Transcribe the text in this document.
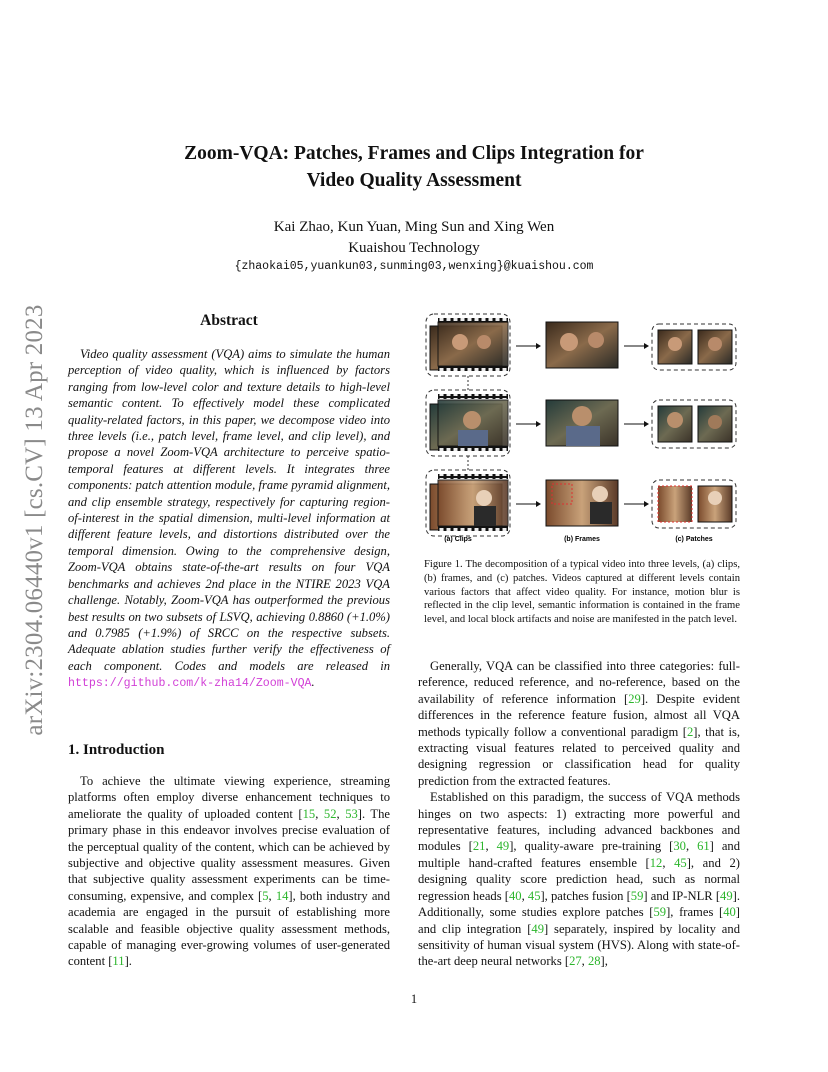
arXiv:2304.06440v1 [cs.CV] 13 Apr 2023
Zoom-VQA: Patches, Frames and Clips Integration for
Video Quality Assessment
Kai Zhao, Kun Yuan, Ming Sun and Xing Wen
Kuaishou Technology
{zhaokai05,yuankun03,sunming03,wenxing}@kuaishou.com
Abstract
Video quality assessment (VQA) aims to simulate the human perception of video quality, which is influenced by factors ranging from low-level color and texture details to high-level semantic content. To effectively model these complicated quality-related factors, in this paper, we decompose video into three levels (i.e., patch level, frame level, and clip level), and propose a novel Zoom-VQA architecture to perceive spatio-temporal features at different levels. It integrates three components: patch attention module, frame pyramid alignment, and clip ensemble strategy, respectively for capturing region-of-interest in the spatial dimension, multi-level information at different feature levels, and distortions distributed over the temporal dimension. Owing to the comprehensive design, Zoom-VQA obtains state-of-the-art results on four VQA benchmarks and achieves 2nd place in the NTIRE 2023 VQA challenge. Notably, Zoom-VQA has outperformed the previous best results on two subsets of LSVQ, achieving 0.8860 (+1.0%) and 0.7985 (+1.9%) of SRCC on the respective subsets. Adequate ablation studies further verify the effectiveness of each component. Codes and models are released in https://github.com/k-zha14/Zoom-VQA.
1. Introduction

To achieve the ultimate viewing experience, streaming platforms often employ diverse enhancement techniques to ameliorate the quality of uploaded content [15, 52, 53]. The primary phase in this endeavor involves precise evaluation of the perceptual quality of the content, which can be achieved by subjective and objective quality assessment measures. Given that subjective quality assessment experiments can be time-consuming, expensive, and complex [5, 14], both industry and academia are engaged in the pursuit of establishing more scalable and feasible objective quality assessment methods, capable of managing ever-growing volumes of user-generated content [11].

(a) Clips	(b) Frames	(c) Patches
Figure 1. The decomposition of a typical video into three levels, (a) clips, (b) frames, and (c) patches. Videos captured at different levels contain various factors that affect video quality. For instance, motion blur is reflected in the clip level, semantic information is contained in the frame level, and local block artifacts and noise are manifested in the patch level.

Generally, VQA can be classified into three categories: full-reference, reduced reference, and no-reference, based on the availability of reference information [29]. Despite evident differences in the reference feature fusion, almost all VQA methods typically follow a conventional paradigm [2], that is, extracting visual features related to perceived quality and designing regression or classification head for quality prediction from the extracted features.

Established on this paradigm, the success of VQA methods hinges on two aspects: 1) extracting more powerful and representative features, including advanced backbones and modules [21, 49], quality-aware pre-training [30, 61] and multiple hand-crafted features ensemble [12, 45], and 2) designing quality score prediction head, such as normal regression heads [40, 45], patches fusion [59] and IP-NLR [49]. Additionally, some studies explore patches [59], frames [40] and clip integration [49] separately, inspired by locality and sensitivity of human visual system (HVS). Along with state-of-the-art deep neural networks [27, 28],

1
